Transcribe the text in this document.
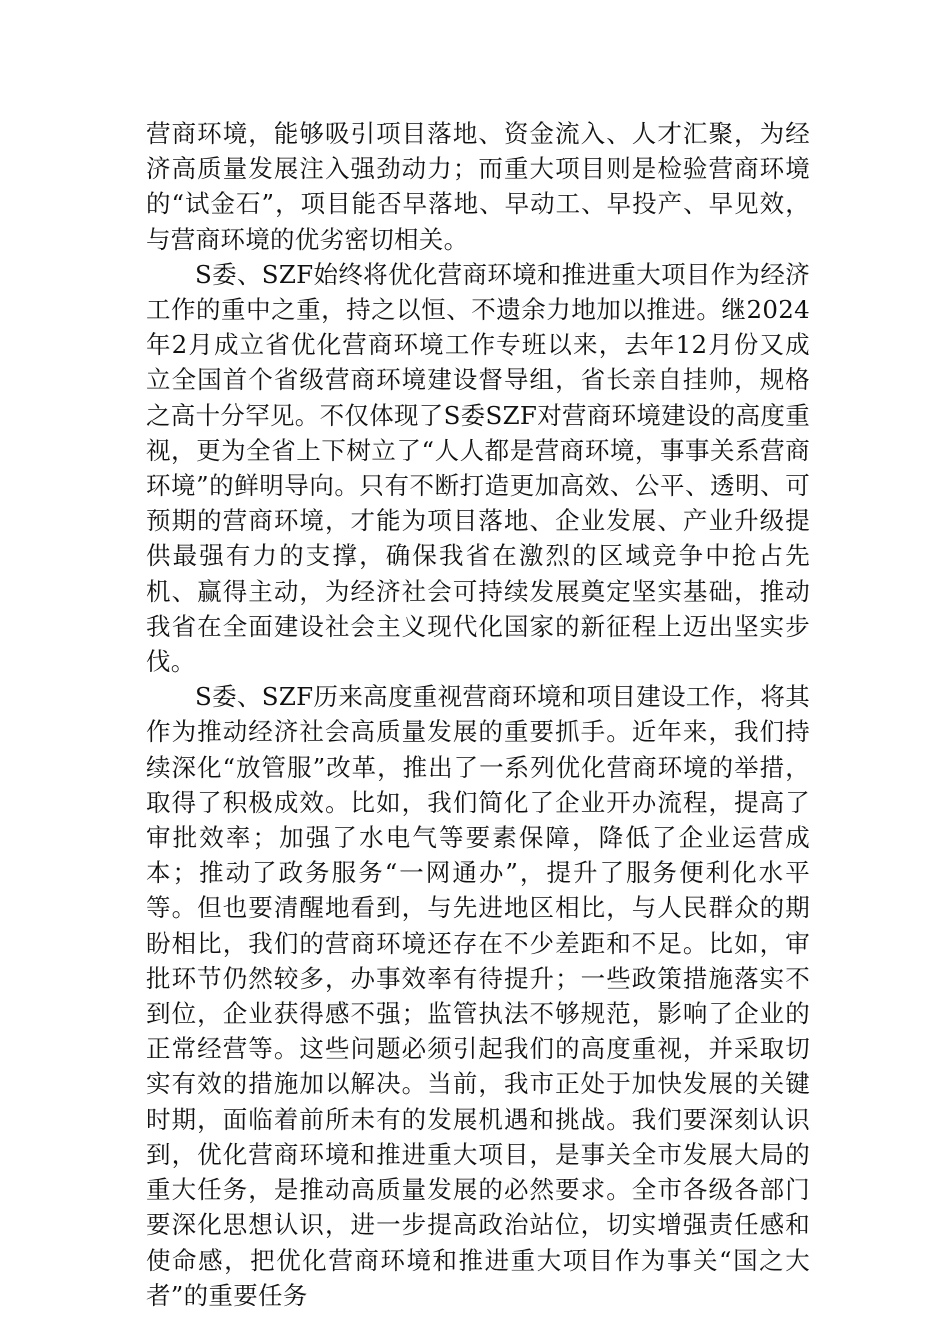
营商环境，能够吸引项目落地、资金流入、人才汇聚，为经济高质量发展注入强劲动力；而重大项目则是检验营商环境的“试金石”，项目能否早落地、早动工、早投产、早见效，与营商环境的优劣密切相关。

S委、SZF始终将优化营商环境和推进重大项目作为经济工作的重中之重，持之以恒、不遗余力地加以推进。继2024年2月成立省优化营商环境工作专班以来，去年12月份又成立全国首个省级营商环境建设督导组，省长亲自挂帅，规格之高十分罕见。不仅体现了S委SZF对营商环境建设的高度重视，更为全省上下树立了“人人都是营商环境，事事关系营商环境”的鲜明导向。只有不断打造更加高效、公平、透明、可预期的营商环境，才能为项目落地、企业发展、产业升级提供最强有力的支撑，确保我省在激烈的区域竞争中抢占先机、赢得主动，为经济社会可持续发展奠定坚实基础，推动我省在全面建设社会主义现代化国家的新征程上迈出坚实步伐。

S委、SZF历来高度重视营商环境和项目建设工作，将其作为推动经济社会高质量发展的重要抓手。近年来，我们持续深化“放管服”改革，推出了一系列优化营商环境的举措，取得了积极成效。比如，我们简化了企业开办流程，提高了审批效率；加强了水电气等要素保障，降低了企业运营成本；推动了政务服务“一网通办”，提升了服务便利化水平等。但也要清醒地看到，与先进地区相比，与人民群众的期盼相比，我们的营商环境还存在不少差距和不足。比如，审批环节仍然较多，办事效率有待提升；一些政策措施落实不到位，企业获得感不强；监管执法不够规范，影响了企业的正常经营等。这些问题必须引起我们的高度重视，并采取切实有效的措施加以解决。当前，我市正处于加快发展的关键时期，面临着前所未有的发展机遇和挑战。我们要深刻认识到，优化营商环境和推进重大项目，是事关全市发展大局的重大任务，是推动高质量发展的必然要求。全市各级各部门要深化思想认识，进一步提高政治站位，切实增强责任感和使命感，把优化营商环境和推进重大项目作为事关“国之大者”的重要任务
